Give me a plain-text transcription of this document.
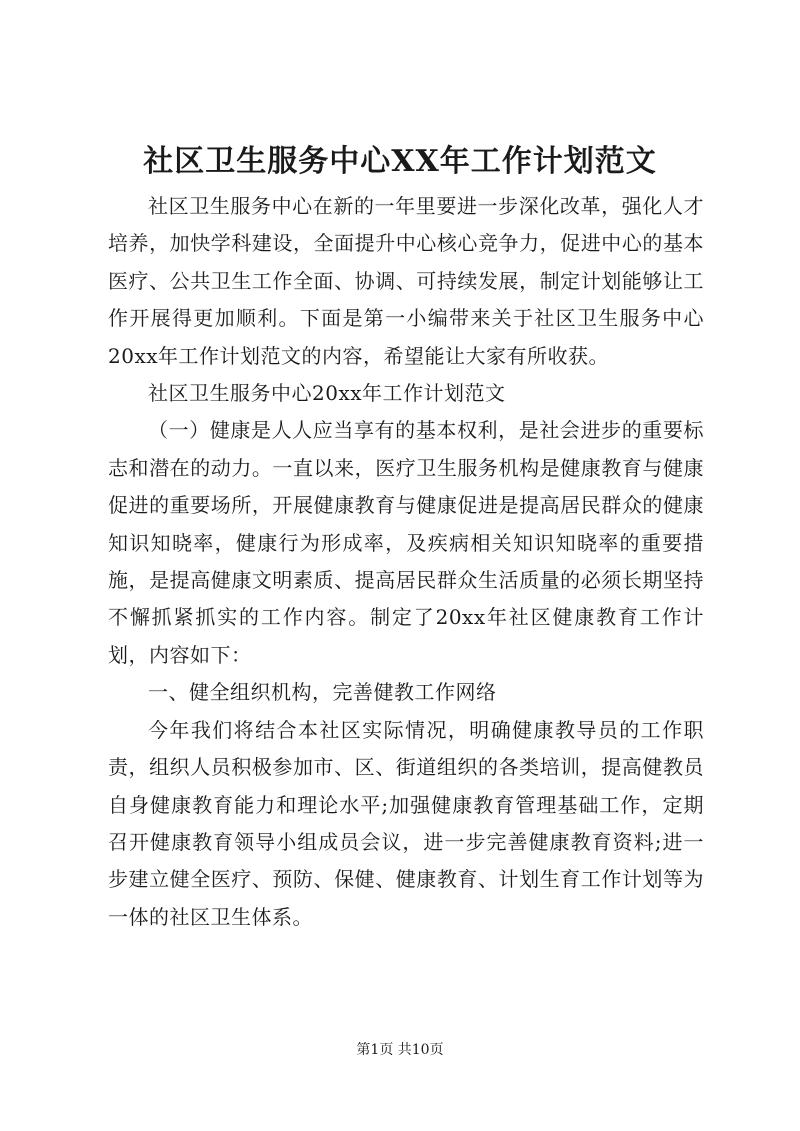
社区卫生服务中心XX年工作计划范文

社区卫生服务中心在新的一年里要进一步深化改革，强化人才培养，加快学科建设，全面提升中心核心竞争力，促进中心的基本医疗、公共卫生工作全面、协调、可持续发展，制定计划能够让工作开展得更加顺利。下面是第一小编带来关于社区卫生服务中心20xx年工作计划范文的内容，希望能让大家有所收获。

社区卫生服务中心20xx年工作计划范文

（一）健康是人人应当享有的基本权利，是社会进步的重要标志和潜在的动力。一直以来，医疗卫生服务机构是健康教育与健康促进的重要场所，开展健康教育与健康促进是提高居民群众的健康知识知晓率，健康行为形成率，及疾病相关知识知晓率的重要措施，是提高健康文明素质、提高居民群众生活质量的必须长期坚持不懈抓紧抓实的工作内容。制定了20xx年社区健康教育工作计划，内容如下：

一、健全组织机构，完善健教工作网络

今年我们将结合本社区实际情况，明确健康教导员的工作职责，组织人员积极参加市、区、街道组织的各类培训，提高健教员自身健康教育能力和理论水平;加强健康教育管理基础工作，定期召开健康教育领导小组成员会议，进一步完善健康教育资料;进一步建立健全医疗、预防、保健、健康教育、计划生育工作计划等为一体的社区卫生体系。

第1页 共10页
